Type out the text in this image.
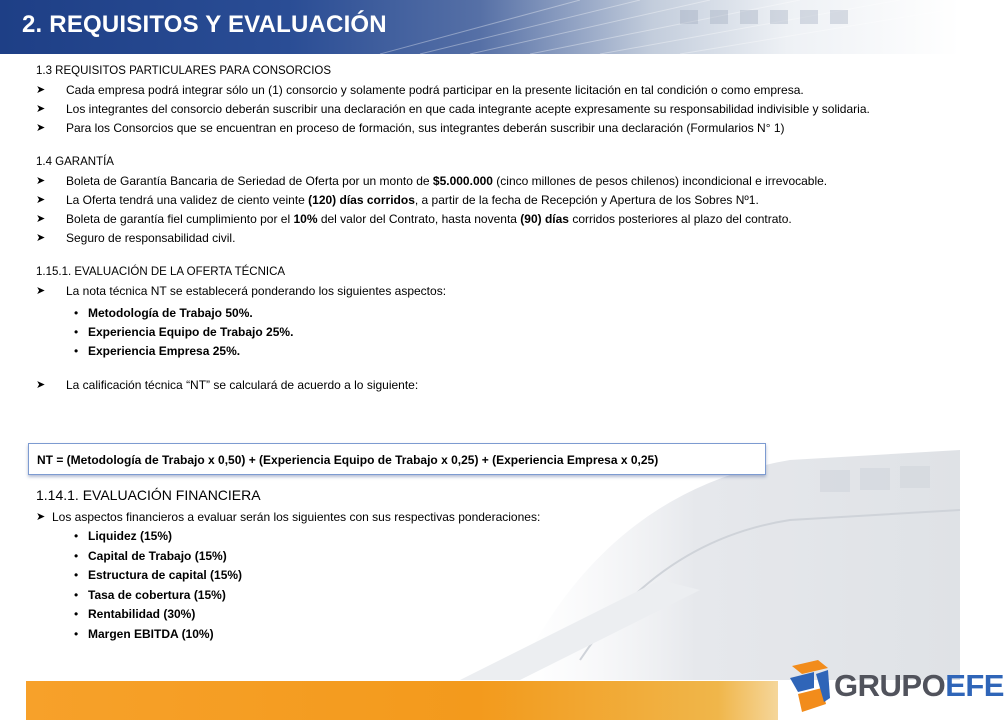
2. REQUISITOS Y EVALUACIÓN
1.3 REQUISITOS PARTICULARES PARA CONSORCIOS
➤	Cada empresa podrá integrar sólo un (1) consorcio y solamente podrá participar en la presente licitación en tal condición o como empresa.
➤	Los integrantes del consorcio deberán suscribir una declaración en que cada integrante acepte expresamente su responsabilidad indivisible y solidaria.
➤	Para los Consorcios que se encuentran en proceso de formación, sus integrantes deberán suscribir una declaración (Formularios N° 1)
1.4 GARANTÍA
➤	Boleta de Garantía Bancaria de Seriedad de Oferta por un monto de $5.000.000 (cinco millones de pesos chilenos) incondicional e irrevocable.
➤	La Oferta tendrá una validez de ciento veinte (120) días corridos, a partir de la fecha de Recepción y Apertura de los Sobres Nº1.
➤	Boleta de garantía fiel cumplimiento por el 10% del valor del Contrato, hasta noventa (90) días corridos posteriores al plazo del contrato.
➤	Seguro de responsabilidad civil.
1.15.1. EVALUACIÓN DE LA OFERTA TÉCNICA
➤	La nota técnica NT se establecerá ponderando los siguientes aspectos:
• Metodología de Trabajo 50%.
• Experiencia Equipo de Trabajo 25%.
• Experiencia Empresa 25%.
➤	La calificación técnica “NT” se calculará de acuerdo a lo siguiente:
NT = (Metodología de Trabajo x 0,50) + (Experiencia Equipo de Trabajo x 0,25) + (Experiencia Empresa x 0,25)
1.14.1. EVALUACIÓN FINANCIERA
➤ Los aspectos financieros a evaluar serán los siguientes con sus respectivas ponderaciones:
• Liquidez (15%)
• Capital de Trabajo (15%)
• Estructura de capital (15%)
• Tasa de cobertura (15%)
• Rentabilidad (30%)
• Margen EBITDA (10%)
GRUPOEFE
